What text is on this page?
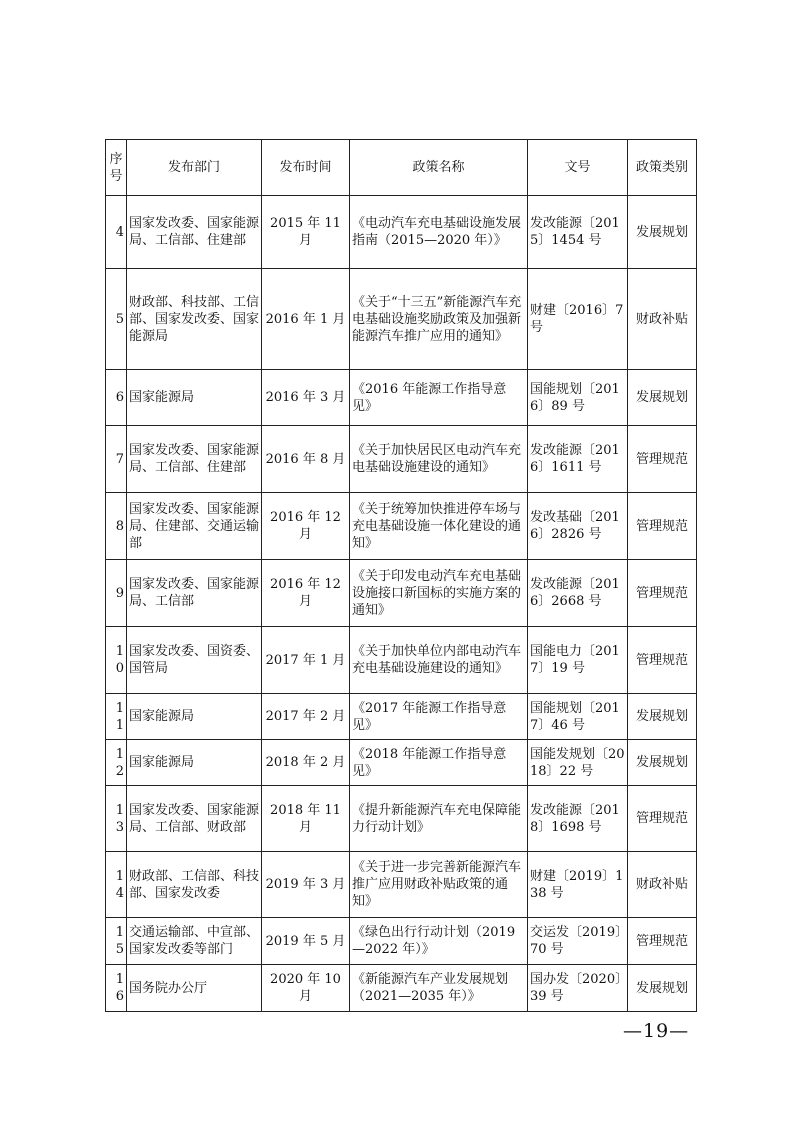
序号	发布部门	发布时间	政策名称	文号	政策类别
4	国家发改委、国家能源局、工信部、住建部	2015 年 11 月	《电动汽车充电基础设施发展指南（2015—2020 年）》	发改能源〔2015〕1454 号	发展规划
5	财政部、科技部、工信部、国家发改委、国家能源局	2016 年 1 月	《关于“十三五”新能源汽车充电基础设施奖励政策及加强新能源汽车推广应用的通知》	财建〔2016〕7 号	财政补贴
6	国家能源局	2016 年 3 月	《2016 年能源工作指导意见》	国能规划〔2016〕89 号	发展规划
7	国家发改委、国家能源局、工信部、住建部	2016 年 8 月	《关于加快居民区电动汽车充电基础设施建设的通知》	发改能源〔2016〕1611 号	管理规范
8	国家发改委、国家能源局、住建部、交通运输部	2016 年 12 月	《关于统筹加快推进停车场与充电基础设施一体化建设的通知》	发改基础〔2016〕2826 号	管理规范
9	国家发改委、国家能源局、工信部	2016 年 12 月	《关于印发电动汽车充电基础设施接口新国标的实施方案的通知》	发改能源〔2016〕2668 号	管理规范
10	国家发改委、国资委、国管局	2017 年 1 月	《关于加快单位内部电动汽车充电基础设施建设的通知》	国能电力〔2017〕19 号	管理规范
11	国家能源局	2017 年 2 月	《2017 年能源工作指导意见》	国能规划〔2017〕46 号	发展规划
12	国家能源局	2018 年 2 月	《2018 年能源工作指导意见》	国能发规划〔2018〕22 号	发展规划
13	国家发改委、国家能源局、工信部、财政部	2018 年 11 月	《提升新能源汽车充电保障能力行动计划》	发改能源〔2018〕1698 号	管理规范
14	财政部、工信部、科技部、国家发改委	2019 年 3 月	《关于进一步完善新能源汽车推广应用财政补贴政策的通知》	财建〔2019〕138 号	财政补贴
15	交通运输部、中宣部、国家发改委等部门	2019 年 5 月	《绿色出行行动计划（2019—2022 年）》	交运发〔2019〕70 号	管理规范
16	国务院办公厅	2020 年 10 月	《新能源汽车产业发展规划（2021—2035 年）》	国办发〔2020〕39 号	发展规划
—19—
